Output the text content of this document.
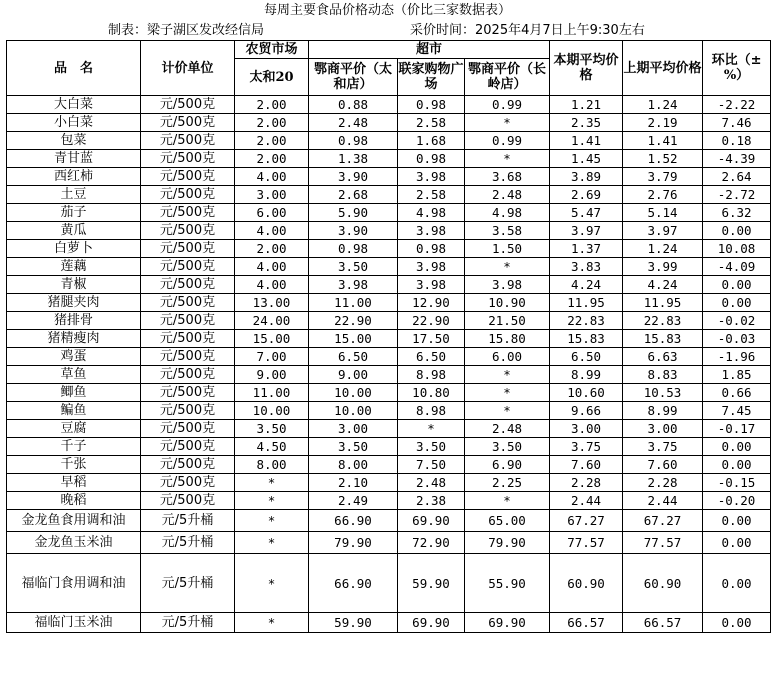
每周主要食品价格动态（价比三家数据表）
制表：梁子湖区发改经信局	采价时间：2025年4月7日上午9:30左右
品　名	计价单位	农贸市场	超市			本期平均价格	上期平均价格	环比（±%）
		太和20	鄂商平价（太和店）	联家购物广场	鄂商平价（长岭店）			
大白菜	元/500克	2.00	0.88	0.98	0.99	1.21	1.24	-2.22
小白菜	元/500克	2.00	2.48	2.58	*	2.35	2.19	7.46
包菜	元/500克	2.00	0.98	1.68	0.99	1.41	1.41	0.18
青甘蓝	元/500克	2.00	1.38	0.98	*	1.45	1.52	-4.39
西红柿	元/500克	4.00	3.90	3.98	3.68	3.89	3.79	2.64
土豆	元/500克	3.00	2.68	2.58	2.48	2.69	2.76	-2.72
茄子	元/500克	6.00	5.90	4.98	4.98	5.47	5.14	6.32
黄瓜	元/500克	4.00	3.90	3.98	3.58	3.97	3.97	0.00
白萝卜	元/500克	2.00	0.98	0.98	1.50	1.37	1.24	10.08
莲藕	元/500克	4.00	3.50	3.98	*	3.83	3.99	-4.09
青椒	元/500克	4.00	3.98	3.98	3.98	4.24	4.24	0.00
猪腿夹肉	元/500克	13.00	11.00	12.90	10.90	11.95	11.95	0.00
猪排骨	元/500克	24.00	22.90	22.90	21.50	22.83	22.83	-0.02
猪精瘦肉	元/500克	15.00	15.00	17.50	15.80	15.83	15.83	-0.03
鸡蛋	元/500克	7.00	6.50	6.50	6.00	6.50	6.63	-1.96
草鱼	元/500克	9.00	9.00	8.98	*	8.99	8.83	1.85
鲫鱼	元/500克	11.00	10.00	10.80	*	10.60	10.53	0.66
鳊鱼	元/500克	10.00	10.00	8.98	*	9.66	8.99	7.45
豆腐	元/500克	3.50	3.00	*	2.48	3.00	3.00	-0.17
千子	元/500克	4.50	3.50	3.50	3.50	3.75	3.75	0.00
千张	元/500克	8.00	8.00	7.50	6.90	7.60	7.60	0.00
早稻	元/500克	*	2.10	2.48	2.25	2.28	2.28	-0.15
晚稻	元/500克	*	2.49	2.38	*	2.44	2.44	-0.20
金龙鱼食用调和油	元/5升桶	*	66.90	69.90	65.00	67.27	67.27	0.00
金龙鱼玉米油	元/5升桶	*	79.90	72.90	79.90	77.57	77.57	0.00
福临门食用调和油	元/5升桶	*	66.90	59.90	55.90	60.90	60.90	0.00
福临门玉米油	元/5升桶	*	59.90	69.90	69.90	66.57	66.57	0.00
